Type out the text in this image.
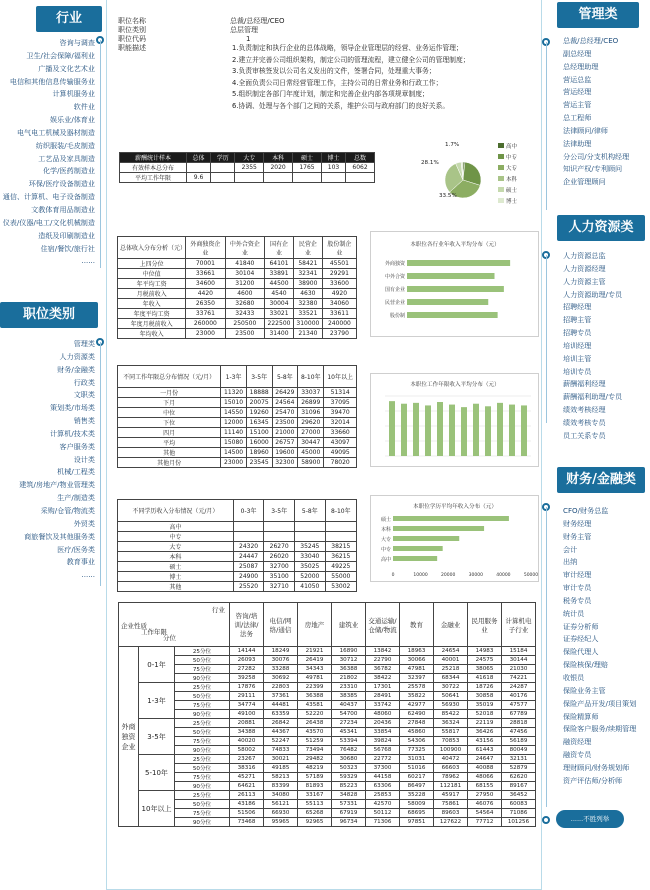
行业
咨询与调查
卫生/社会保障/福利业
广播及文化艺术业
电信和其他信息传输服务业
计算机服务业
软件业
娱乐业/体育业
电气电工机械及器材制造
纺织服装/毛皮制造
工艺品及家具制造
化学/医药制造业
环保/医疗设备制造业
通信、计算机、电子设备制造
文教体育用品制造业
仪表/仪器/电工/文化机械制造
造纸及印刷制造业
住宿/餐饮/旅行社
......
职位类别
管理类
人力资源类
财务/金融类
行政类
文职类
策划类/市场类
销售类
计算机/技术类
客户服务类
设计类
机械/工程类
建筑/房地产/物业管理类
生产/制造类
采购/仓管/物流类
外贸类
商旅餐饮及其他服务类
医疗/医务类
教育事业
......
管理类
总裁/总经理/CEO
副总经理
总经理助理
营运总监
营运经理
营运主管
总工程师
法律顾问/律师
法律助理
分公司/分支机构经理
知识产权/专利顾问
企业管理顾问
人力资源类
人力资源总监
人力资源经理
人力资源主管
人力资源助理/专员
招聘经理
招聘主管
招聘专员
培训经理
培训主管
培训专员
薪酬福利经理
薪酬福利助理/专员
绩效考核经理
绩效考核专员
员工关系专员
财务/金融类
CFO/财务总监
财务经理
财务主管
会计
出纳
审计经理
审计专员
税务专员
统计员
证券分析师
证券经纪人
保险代理人
保险核保/理赔
收银员
保险业务主管
保险产品开发/项目策划
保险精算师
保险客户服务/续期管理
融资经理
融资专员
理财顾问/财务规划师
资产评估师/分析师
......不胜列举
职位名称
职位类别
职位代码
职能描述
总裁/总经理/CEO
总层管理
1
1.负责制定和执行企业的总体战略，领导企业管理层的经营、业务运作管理；
2.建立并完善公司组织架构，制定公司的管理流程，建立健全公司的管理制度；
3.负责审核签发以公司名义发出的文件，签署合同，处理重大事务；
4.全面负责公司日常经营管理工作，主持公司的日常业务和行政工作；
5.组织制定各部门年度计划，制定和完善企业内部各项规章制度；
6.协调、处理与各个部门之间的关系，维护公司与政府部门的良好关系。
薪酬统计样本	总体	学历	大专	本科	硕士	博士	总数
有效样本总分布			2355	2020	1765	103	6062
平均工作年限	9.6						
1.7%
28.1%
33.5%
高中
中专
大专
本科
硕士
博士
总体收入分布分析（元）	外商独资企业	中外合资企业	国有企业	民营企业	股份制企业
上四分位	70001	41840	64101	58421	45501
中位值	33661	30104	33891	32341	29291
年平均工资	34600	31200	44500	38900	33600
月税前收入	4420	4600	4540	4630	4920
年收入	26350	32680	30004	32380	34060
年度平均工资	33761	32433	33021	33521	33611
年度月税前收入	260000	250500	222500	310000	240000
年均收入	23000	23500	31400	21340	23790
不同工作年限总分布情况（元/月）	1-3年	3-5年	5-8年	8-10年	10年以上
一月份	11320	18888	26429	33037	51314
下月	15010	20075	24564	26899	37095
中位	14550	19260	25470	31096	39470
下位	12000	16345	23500	29620	32014
四月	11140	15100	21000	27000	33660
平均	15080	16000	26757	30447	43097
其他	14500	18960	19600	45000	49095
其他月份	23000	23545	32300	58900	78020
不同学历收入分布情况（元/月）	0-3年	3-5年	5-8年	8-10年
高中				
中专				
大专	24320	26270	35245	38215
本科	24447	26020	33040	36215
硕士	25087	32700	35025	49225
博士	24900	35100	52000	55000
其他	25520	32710	41050	53002
本职位各行业年收入平均分布（元）
外商独资
中外合资
国有企业
民营企业
股份制
本职位工作年限收入平均分布（元）
本职位学历平均年收入分布（元）
硕士
本科
大专
中专
高中
0	10000	20000	30000	40000	50000
行业
企业性质
工作年限
分位			咨询/培训/法律/法务	电信/网络/通信	房地产	建筑业	交通运输/仓储/物流	教育	金融业	民用服务业	计算机电子行业
外商独资企业	0-1年	25分位	14144	18249	21921	16890	13842	18963	24654	14983	15184
		50分位	26093	30076	26419	30712	22790	30066	40001	24575	30144
		75分位	27282	33288	34343	36388	36782	47981	25218	38065	21030
		90分位	39258	30692	49781	21802	38422	32397	68344	41618	74221
	1-3年	25分位	17876	22803	22399	23310	17301	25578	30722	18726	24287
		50分位	29111	37361	36388	38385	28491	35822	50641	30858	40176
		75分位	34774	44481	43581	40437	33742	42977	56930	35019	47577
		90分位	49100	63359	52220	54700	48060	62490	85422	52018	67789
	3-5年	25分位	20881	26842	26438	27234	20436	27848	36324	22119	28818
		50分位	34388	44367	43570	45341	33854	45860	55817	36426	47456
		75分位	40020	52247	51259	53394	39824	54306	70853	43156	56189
		90分位	58002	74833	73494	76482	56768	77325	100900	61443	80049
	5-10年	25分位	23267	30021	29482	30680	22772	31031	40472	24647	32131
		50分位	38316	49185	48219	50323	37300	51016	66603	40088	52879
		75分位	45271	58213	57189	59329	44158	60217	78962	48066	62620
		90分位	64621	83399	81893	85223	63306	86497	112181	68155	89167
	10年以上	25分位	26113	34080	33167	34828	25853	35228	45917	27950	36452
		50分位	43186	56121	55113	57331	42570	58009	75861	46076	60083
		75分位	51506	66930	65268	67919	50112	68695	89603	54564	71086
		90分位	73468	95965	92965	96734	71306	97851	127622	77712	101256
